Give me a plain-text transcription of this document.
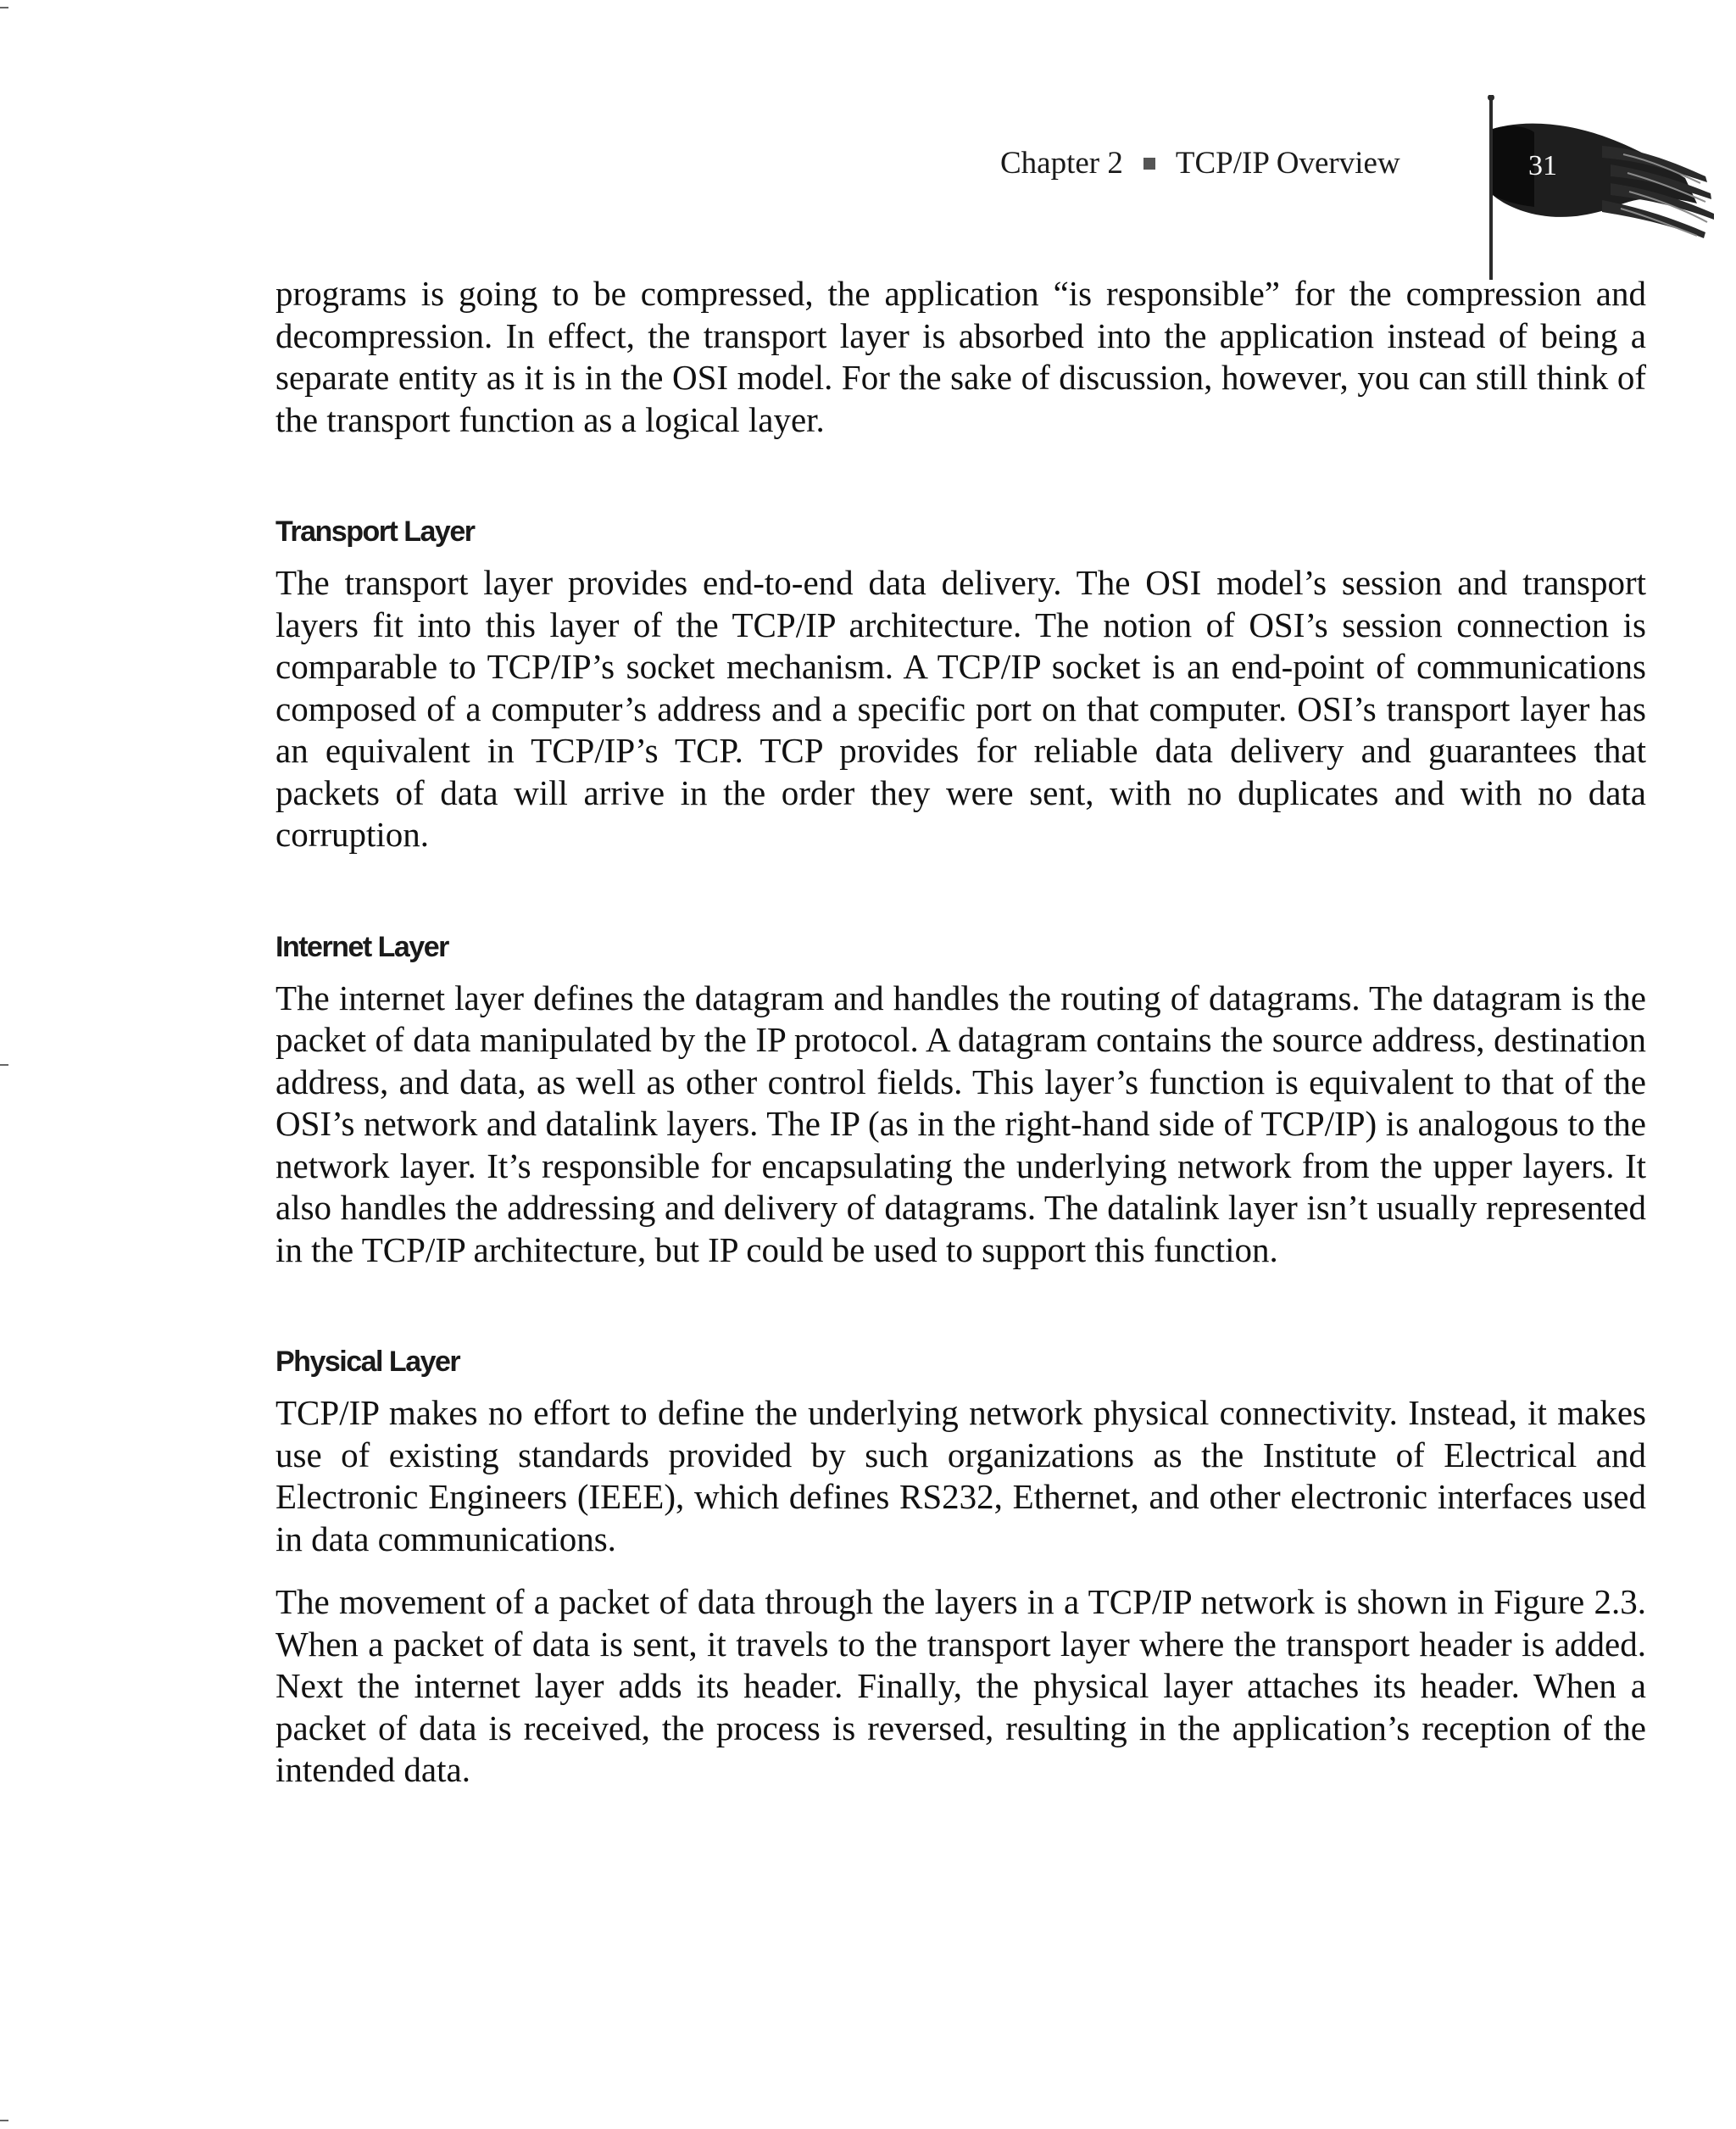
Chapter 2 TCP/IP Overview	31

programs is going to be compressed, the application “is responsible” for the compression and decompression. In effect, the transport layer is absorbed into the application instead of being a separate entity as it is in the OSI model. For the sake of discussion, however, you can still think of the transport function as a logical layer.

Transport Layer

The transport layer provides end-to-end data delivery. The OSI model’s session and transport layers fit into this layer of the TCP/IP architecture. The notion of OSI’s session connection is comparable to TCP/IP’s socket mechanism. A TCP/IP socket is an end-point of communications composed of a computer’s address and a specific port on that computer. OSI’s transport layer has an equivalent in TCP/IP’s TCP. TCP provides for reliable data delivery and guarantees that packets of data will arrive in the order they were sent, with no duplicates and with no data corruption.

Internet Layer

The internet layer defines the datagram and handles the routing of datagrams. The datagram is the packet of data manipulated by the IP protocol. A datagram contains the source address, destination address, and data, as well as other control fields. This layer’s function is equivalent to that of the OSI’s network and datalink layers. The IP (as in the right-hand side of TCP/IP) is analogous to the network layer. It’s responsible for encapsulating the underlying network from the upper layers. It also handles the addressing and delivery of datagrams. The datalink layer isn’t usually represented in the TCP/IP architecture, but IP could be used to support this function.

Physical Layer

TCP/IP makes no effort to define the underlying network physical connectivity. Instead, it makes use of existing standards provided by such organizations as the Institute of Electrical and Electronic Engineers (IEEE), which defines RS232, Ethernet, and other electronic interfaces used in data communications.

The movement of a packet of data through the layers in a TCP/IP network is shown in Figure 2.3. When a packet of data is sent, it travels to the transport layer where the transport header is added. Next the internet layer adds its header. Finally, the physical layer attaches its header. When a packet of data is received, the process is reversed, resulting in the application’s reception of the intended data.
